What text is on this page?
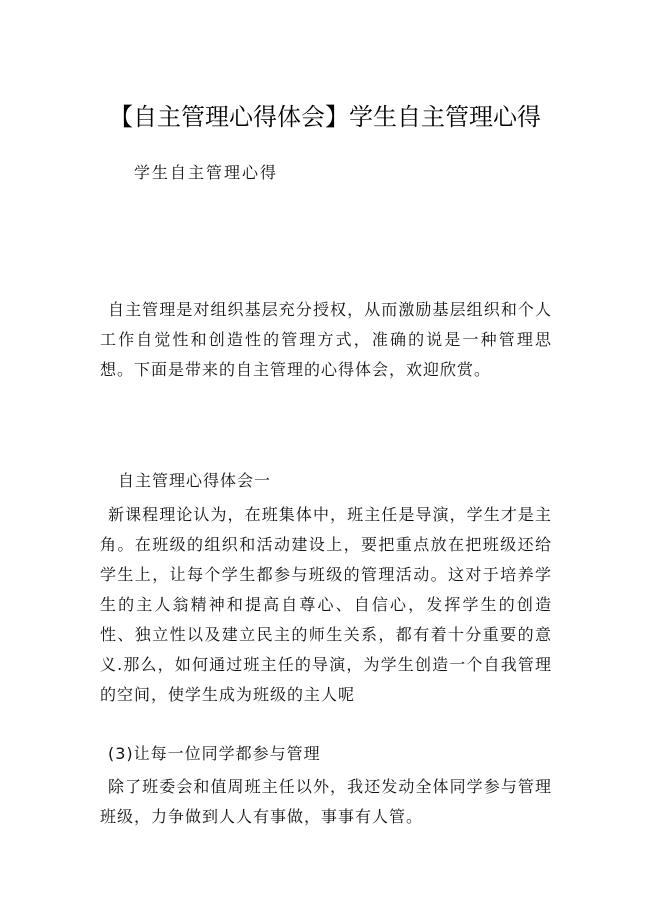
【自主管理心得体会】学生自主管理心得
学生自主管理心得
自主管理是对组织基层充分授权，从而激励基层组织和个人工作自觉性和创造性的管理方式，准确的说是一种管理思想。下面是带来的自主管理的心得体会，欢迎欣赏。
自主管理心得体会一
新课程理论认为，在班集体中，班主任是导演，学生才是主角。在班级的组织和活动建设上，要把重点放在把班级还给学生上，让每个学生都参与班级的管理活动。这对于培养学生的主人翁精神和提高自尊心、自信心，发挥学生的创造性、独立性以及建立民主的师生关系，都有着十分重要的意义.那么，如何通过班主任的导演，为学生创造一个自我管理的空间，使学生成为班级的主人呢
(3)让每一位同学都参与管理
除了班委会和值周班主任以外，我还发动全体同学参与管理班级，力争做到人人有事做，事事有人管。
